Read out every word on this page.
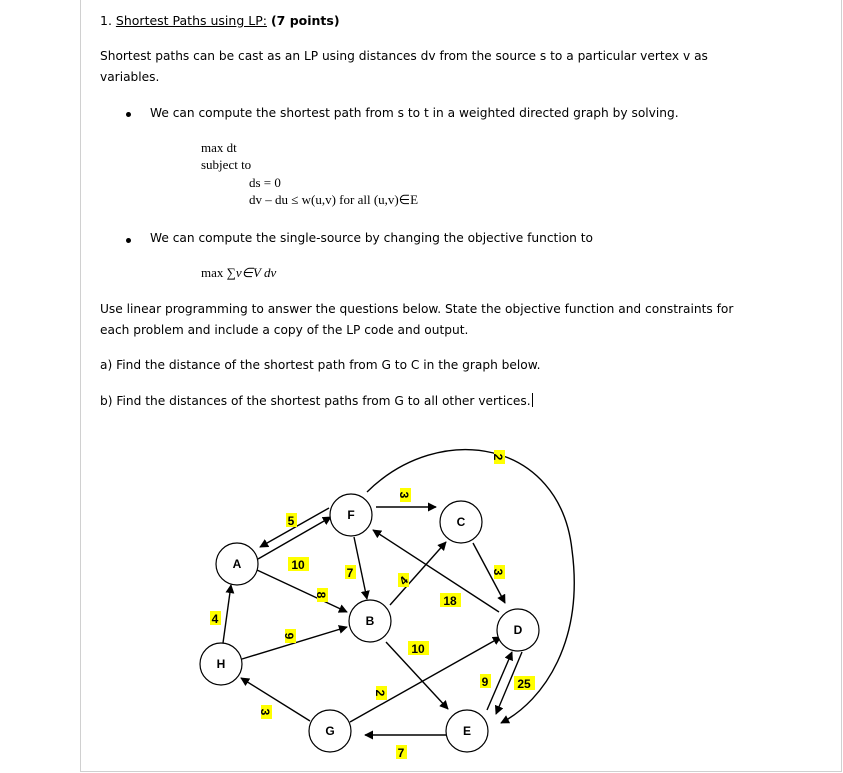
1. Shortest Paths using LP: (7 points)
Shortest paths can be cast as an LP using distances dv from the source s to a particular vertex v as
variables.
We can compute the shortest path from s to t in a weighted directed graph by solving.
max dt
subject to
ds = 0
dv – du ≤ w(u,v) for all (u,v)∈E
We can compute the single-source by changing the objective function to
max ∑v∈V dv
Use linear programming to answer the questions below. State the objective function and constraints for
each problem and include a copy of the LP code and output.
a) Find the distance of the shortest path from G to C in the graph below.
b) Find the distances of the shortest paths from G to all other vertices.
A
B
C
D
E
F
G
H
5
10
8
4
9
3
7
3
4
18
3
10
2
7
9 25
2
